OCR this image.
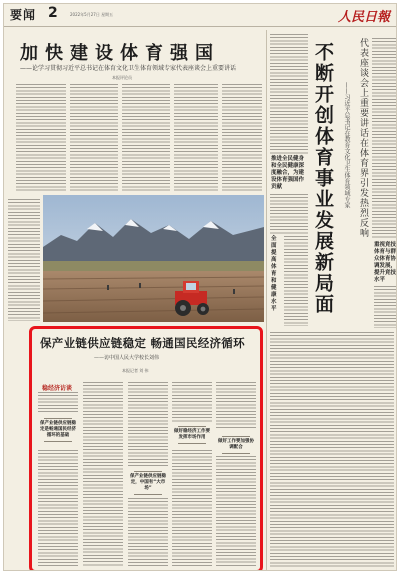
要闻 2	2022年5月27日 星期五	人民日報
加快建设体育强国
——论学习贯彻习近平总书记在体育文化卫生体育领域专家代表座谈会上重要讲话
本报评论员
推进全民健身和全民健康深度融合，为建设体育强国作贡献
全面提高体育和健康水平
代表座谈会上重要讲话在体育界引发热烈反响
不断开创体育事业发展新局面	——习近平总书记在教育文化卫生体育领域专家
重视竞技体育与群众体育协调发展，提升竞技水平
保产业链供应链稳定 畅通国民经济循环
——访中国人民大学校长刘伟
本报记者 刘 伟
稳经济访谈
保产业链供应链稳定是畅通国民经济循环的基础
保产业链供应链稳定，中国有“大市场”
做好稳经济工作要发挥市场作用
做好工作要加强协调配合
